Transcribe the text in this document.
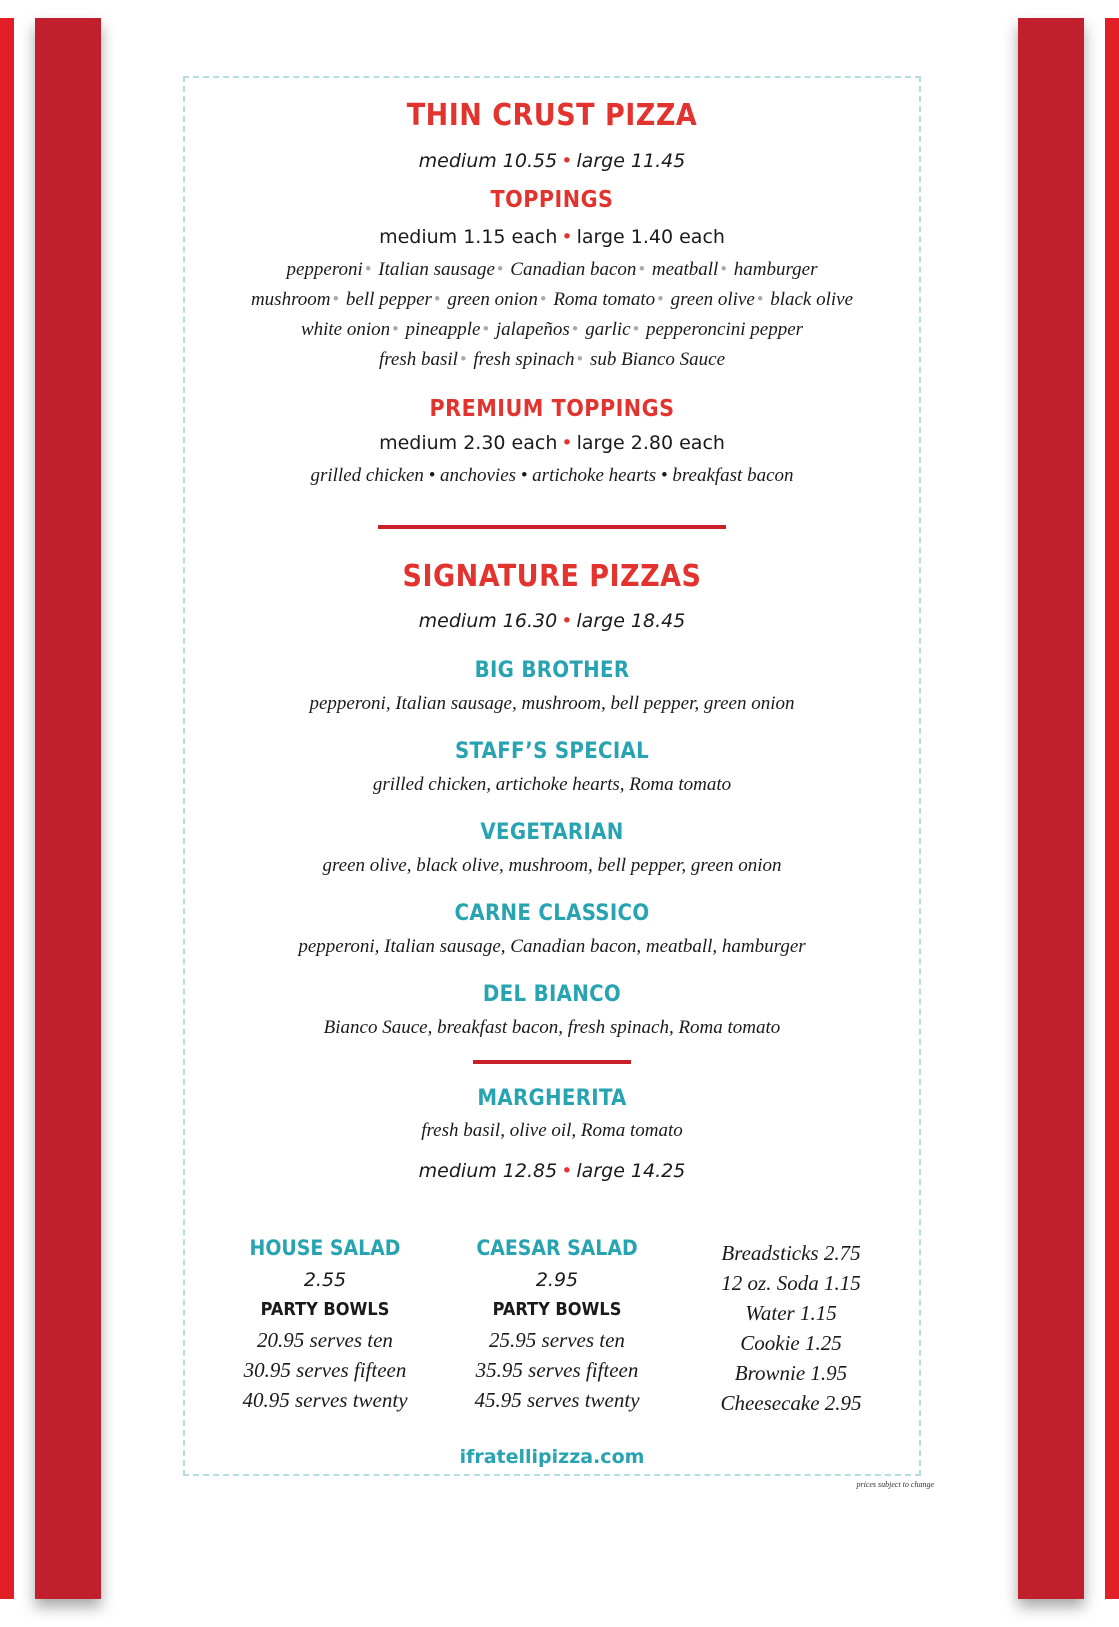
THIN CRUST PIZZA
medium 10.55 • large 11.45
TOPPINGS
medium 1.15 each • large 1.40 each
pepperoni • Italian sausage • Canadian bacon • meatball • hamburger
mushroom • bell pepper • green onion • Roma tomato • green olive • black olive
white onion • pineapple • jalapeños • garlic • pepperoncini pepper
fresh basil • fresh spinach • sub Bianco Sauce
PREMIUM TOPPINGS
medium 2.30 each • large 2.80 each
grilled chicken • anchovies • artichoke hearts • breakfast bacon
SIGNATURE PIZZAS
medium 16.30 • large 18.45
BIG BROTHER
pepperoni, Italian sausage, mushroom, bell pepper, green onion
STAFF’S SPECIAL
grilled chicken, artichoke hearts, Roma tomato
VEGETARIAN
green olive, black olive, mushroom, bell pepper, green onion
CARNE CLASSICO
pepperoni, Italian sausage, Canadian bacon, meatball, hamburger
DEL BIANCO
Bianco Sauce, breakfast bacon, fresh spinach, Roma tomato
MARGHERITA
fresh basil, olive oil, Roma tomato
medium 12.85 • large 14.25
HOUSE SALAD
2.55
PARTY BOWLS
20.95 serves ten
30.95 serves fifteen
40.95 serves twenty
CAESAR SALAD
2.95
PARTY BOWLS
25.95 serves ten
35.95 serves fifteen
45.95 serves twenty
Breadsticks 2.75
12 oz. Soda 1.15
Water 1.15
Cookie 1.25
Brownie 1.95
Cheesecake 2.95
ifratellipizza.com
prices subject to change
